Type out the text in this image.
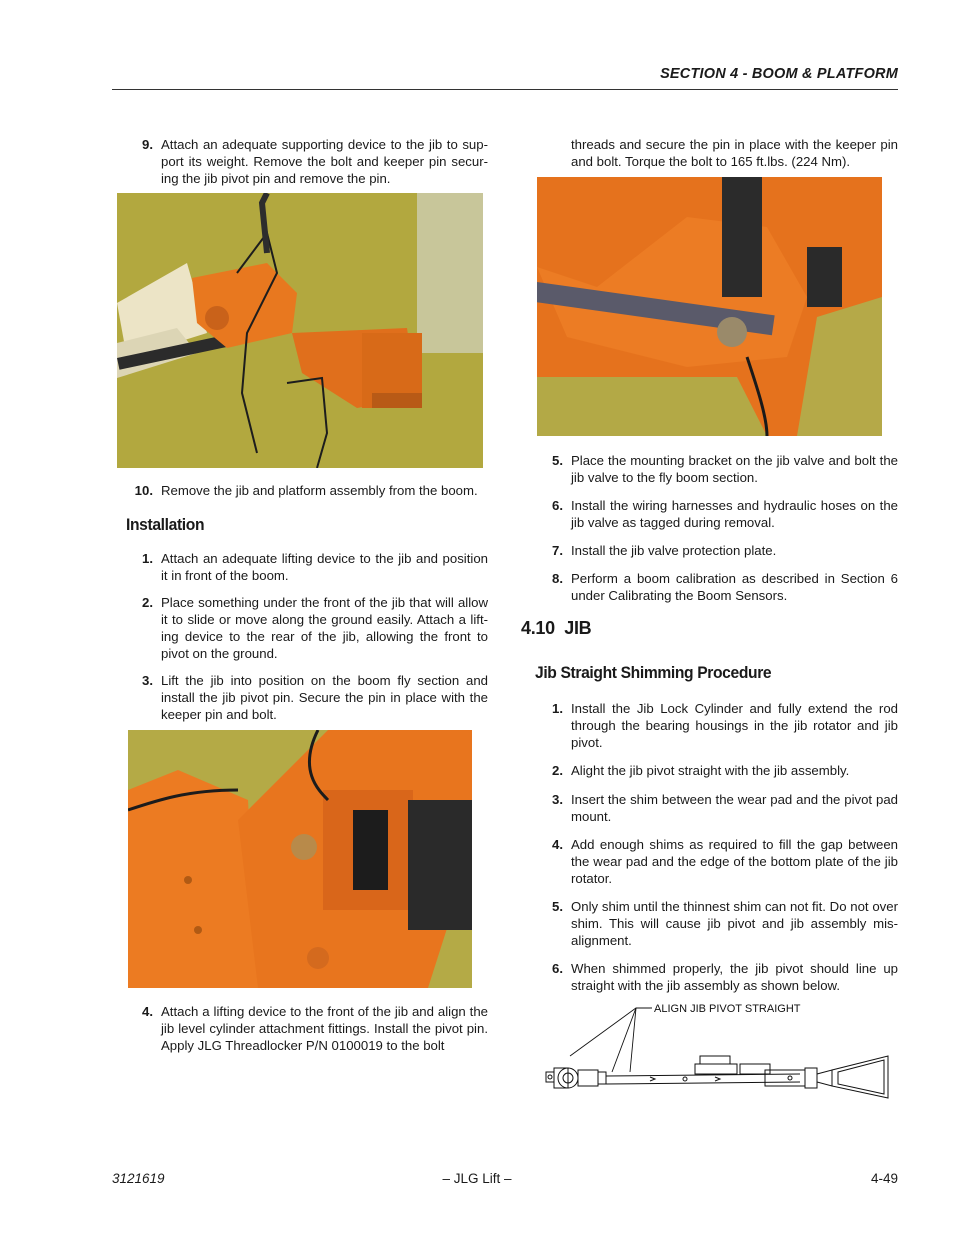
SECTION 4 - BOOM & PLATFORM
9. Attach an adequate supporting device to the jib to sup-port its weight. Remove the bolt and keeper pin secur-ing the jib pivot pin and remove the pin.
10. Remove the jib and platform assembly from the boom.
Installation
1. Attach an adequate lifting device to the jib and position it in front of the boom.
2. Place something under the front of the jib that will allow it to slide or move along the ground easily. Attach a lift-ing device to the rear of the jib, allowing the front to pivot on the ground.
3. Lift the jib into position on the boom fly section and install the jib pivot pin. Secure the pin in place with the keeper pin and bolt.
4. Attach a lifting device to the front of the jib and align the jib level cylinder attachment fittings. Install the pivot pin. Apply JLG Threadlocker P/N 0100019 to the bolt
threads and secure the pin in place with the keeper pin and bolt. Torque the bolt to 165 ft.lbs. (224 Nm).
5. Place the mounting bracket on the jib valve and bolt the jib valve to the fly boom section.
6. Install the wiring harnesses and hydraulic hoses on the jib valve as tagged during removal.
7. Install the jib valve protection plate.
8. Perform a boom calibration as described in Section 6 under Calibrating the Boom Sensors.
4.10 JIB
Jib Straight Shimming Procedure
1. Install the Jib Lock Cylinder and fully extend the rod through the bearing housings in the jib rotator and jib pivot.
2. Alight the jib pivot straight with the jib assembly.
3. Insert the shim between the wear pad and the pivot pad mount.
4. Add enough shims as required to fill the gap between the wear pad and the edge of the bottom plate of the jib rotator.
5. Only shim until the thinnest shim can not fit. Do not over shim. This will cause jib pivot and jib assembly mis-alignment.
6. When shimmed properly, the jib pivot should line up straight with the jib assembly as shown below.
ALIGN JIB PIVOT STRAIGHT
3121619	– JLG Lift –	4-49
